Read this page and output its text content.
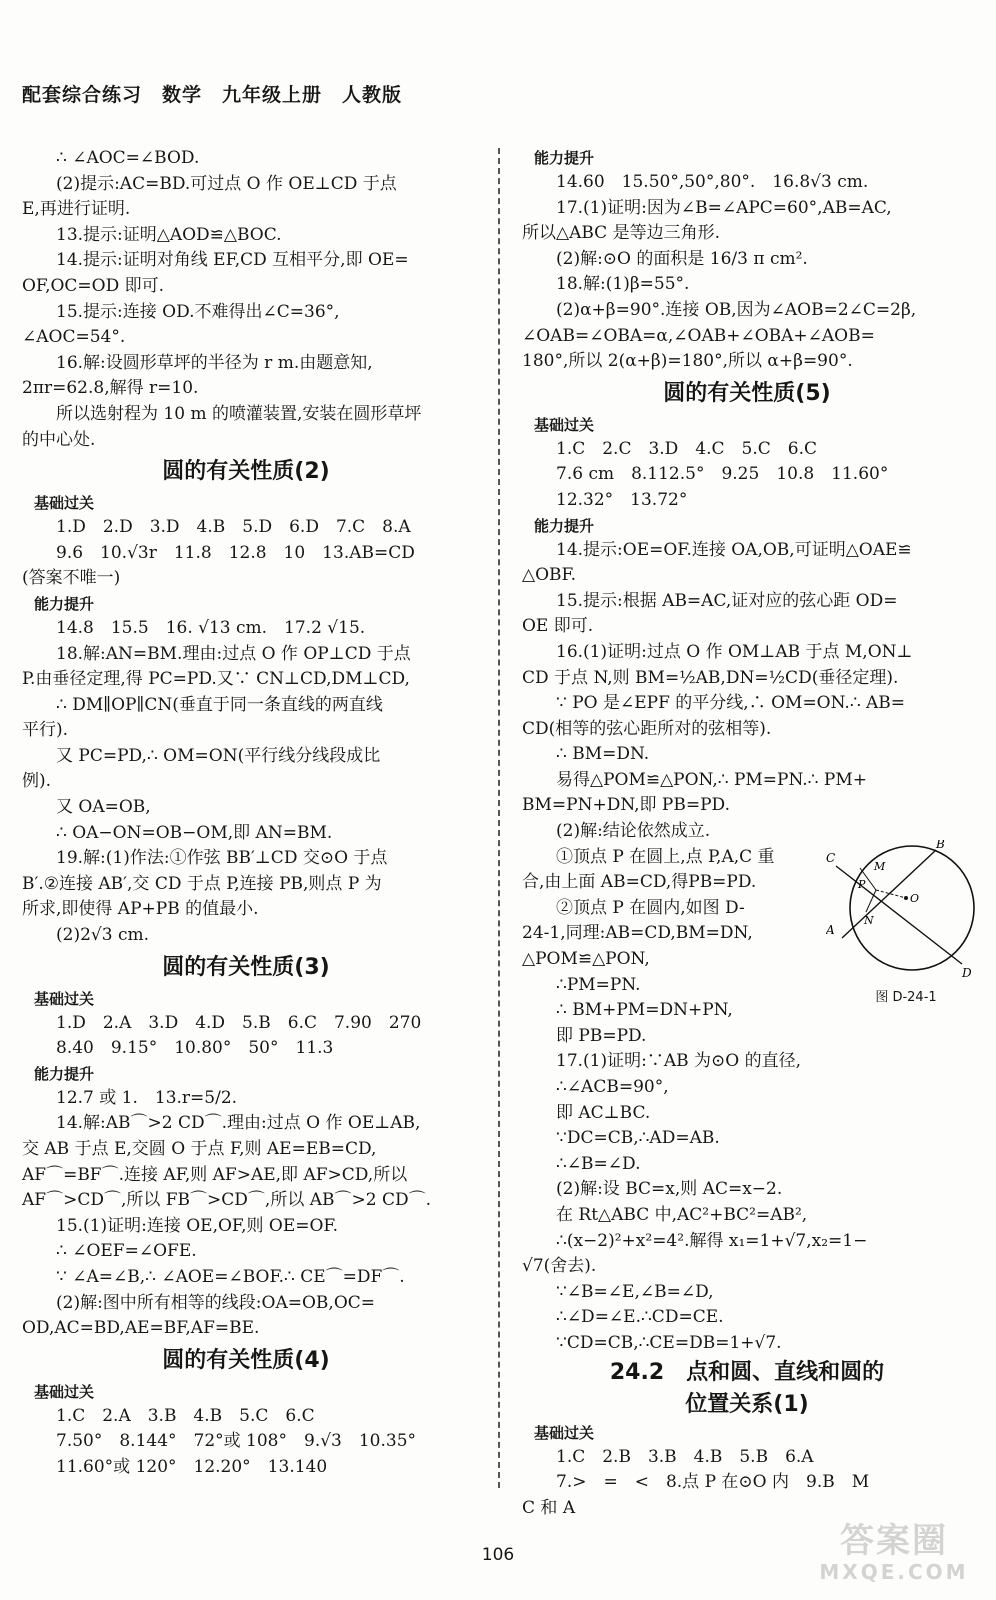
配套综合练习　数学　九年级上册　人教版
∴ ∠AOC=∠BOD.
(2)提示:AC=BD.可过点 O 作 OE⊥CD 于点
E,再进行证明.
13.提示:证明△AOD≌△BOC.
14.提示:证明对角线 EF,CD 互相平分,即 OE=
OF,OC=OD 即可.
15.提示:连接 OD.不难得出∠C=36°,
∠AOC=54°.
16.解:设圆形草坪的半径为 r m.由题意知,
2πr=62.8,解得 r=10.
所以选射程为 10 m 的喷灌装置,安装在圆形草坪
的中心处.
圆的有关性质(2)
基础过关
1.D　2.D　3.D　4.B　5.D　6.D　7.C　8.A
9.6　10.√3r　11.8　12.8　10　13.AB=CD
(答案不唯一)
能力提升
14.8　15.5　16. √13 cm.　17.2 √15.
18.解:AN=BM.理由:过点 O 作 OP⊥CD 于点
P.由垂径定理,得 PC=PD.又∵ CN⊥CD,DM⊥CD,
∴ DM∥OP∥CN(垂直于同一条直线的两直线
平行).
又 PC=PD,∴ OM=ON(平行线分线段成比
例).
又 OA=OB,
∴ OA−ON=OB−OM,即 AN=BM.
19.解:(1)作法:①作弦 BB′⊥CD 交⊙O 于点
B′.②连接 AB′,交 CD 于点 P,连接 PB,则点 P 为
所求,即使得 AP+PB 的值最小.
(2)2√3 cm.
圆的有关性质(3)
基础过关
1.D　2.A　3.D　4.D　5.B　6.C　7.90　270
8.40　9.15°　10.80°　50°　11.3
能力提升
12.7 或 1.　13.r=5/2.
14.解:AB⌒>2 CD⌒.理由:过点 O 作 OE⊥AB,
交 AB 于点 E,交圆 O 于点 F,则 AE=EB=CD,
AF⌒=BF⌒.连接 AF,则 AF>AE,即 AF>CD,所以
AF⌒>CD⌒,所以 FB⌒>CD⌒,所以 AB⌒>2 CD⌒.
15.(1)证明:连接 OE,OF,则 OE=OF.
∴ ∠OEF=∠OFE.
∵ ∠A=∠B,∴ ∠AOE=∠BOF.∴ CE⌒=DF⌒.
(2)解:图中所有相等的线段:OA=OB,OC=
OD,AC=BD,AE=BF,AF=BE.
圆的有关性质(4)
基础过关
1.C　2.A　3.B　4.B　5.C　6.C
7.50°　8.144°　72°或 108°　9.√3　10.35°
11.60°或 120°　12.20°　13.140
能力提升
14.60　15.50°,50°,80°.　16.8√3 cm.
17.(1)证明:因为∠B=∠APC=60°,AB=AC,
所以△ABC 是等边三角形.
(2)解:⊙O 的面积是 16/3 π cm².
18.解:(1)β=55°.
(2)α+β=90°.连接 OB,因为∠AOB=2∠C=2β,
∠OAB=∠OBA=α,∠OAB+∠OBA+∠AOB=
180°,所以 2(α+β)=180°,所以 α+β=90°.
圆的有关性质(5)
基础过关
1.C　2.C　3.D　4.C　5.C　6.C
7.6 cm　8.112.5°　9.25　10.8　11.60°
12.32°　13.72°
能力提升
14.提示:OE=OF.连接 OA,OB,可证明△OAE≌
△OBF.
15.提示:根据 AB=AC,证对应的弦心距 OD=
OE 即可.
16.(1)证明:过点 O 作 OM⊥AB 于点 M,ON⊥
CD 于点 N,则 BM=½AB,DN=½CD(垂径定理).
∵ PO 是∠EPF 的平分线,∴ OM=ON.∴ AB=
CD(相等的弦心距所对的弦相等).
∴ BM=DN.
易得△POM≌△PON,∴ PM=PN.∴ PM+
BM=PN+DN,即 PB=PD.
(2)解:结论依然成立.
①顶点 P 在圆上,点 P,A,C 重
合,由上面 AB=CD,得PB=PD.
②顶点 P 在圆内,如图 D-
24-1,同理:AB=CD,BM=DN,
△POM≌△PON,
∴PM=PN.
∴ BM+PM=DN+PN,
即 PB=PD.
17.(1)证明:∵AB 为⊙O 的直径,
∴∠ACB=90°,
即 AC⊥BC.
∵DC=CB,∴AD=AB.
∴∠B=∠D.
(2)解:设 BC=x,则 AC=x−2.
在 Rt△ABC 中,AC²+BC²=AB²,
∴(x−2)²+x²=4².解得 x₁=1+√7,x₂=1−
√7(舍去).
∵∠B=∠E,∠B=∠D,
∴∠D=∠E.∴CD=CE.
∵CD=CB,∴CE=DB=1+√7.
24.2　点和圆、直线和圆的
位置关系(1)
基础过关
1.C　2.B　3.B　4.B　5.B　6.A
7.>　=　<　8.点 P 在⊙O 内　9.B　M
C 和 A
B
C
M
P
O
N
A
D
图 D-24-1
106	答案圈
MXQE.COM
